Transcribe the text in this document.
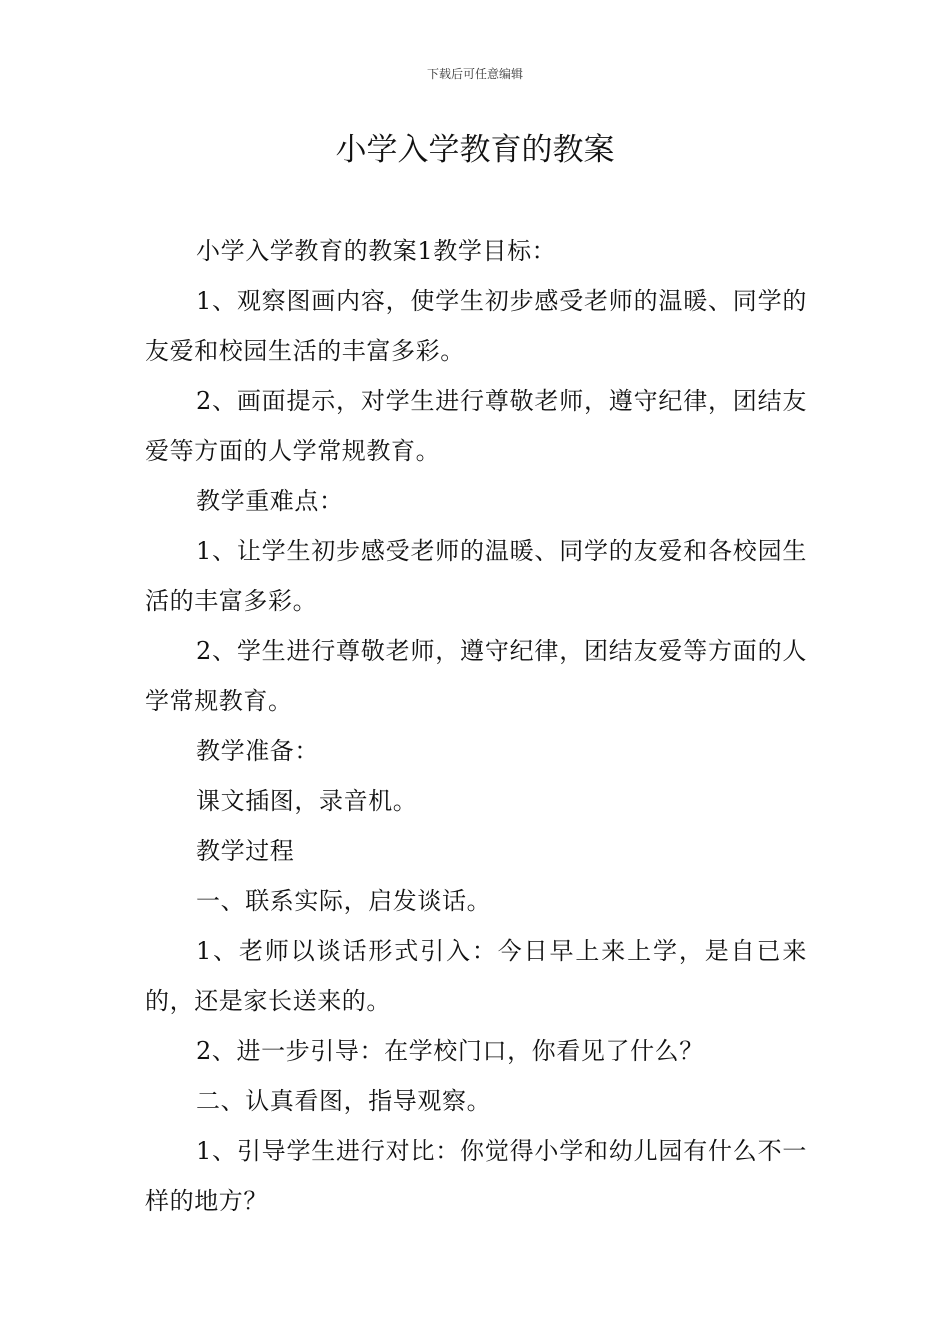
下载后可任意编辑
小学入学教育的教案

小学入学教育的教案1教学目标：

1、观察图画内容，使学生初步感受老师的温暖、同学的友爱和校园生活的丰富多彩。

2、画面提示，对学生进行尊敬老师，遵守纪律，团结友爱等方面的人学常规教育。

教学重难点：

1、让学生初步感受老师的温暖、同学的友爱和各校园生活的丰富多彩。

2、学生进行尊敬老师，遵守纪律，团结友爱等方面的人学常规教育。

教学准备：

课文插图，录音机。

教学过程

一、联系实际，启发谈话。

1、老师以谈话形式引入：今日早上来上学，是自已来的，还是家长送来的。

2、进一步引导：在学校门口，你看见了什么？

二、认真看图，指导观察。

1、引导学生进行对比：你觉得小学和幼儿园有什么不一样的地方？
